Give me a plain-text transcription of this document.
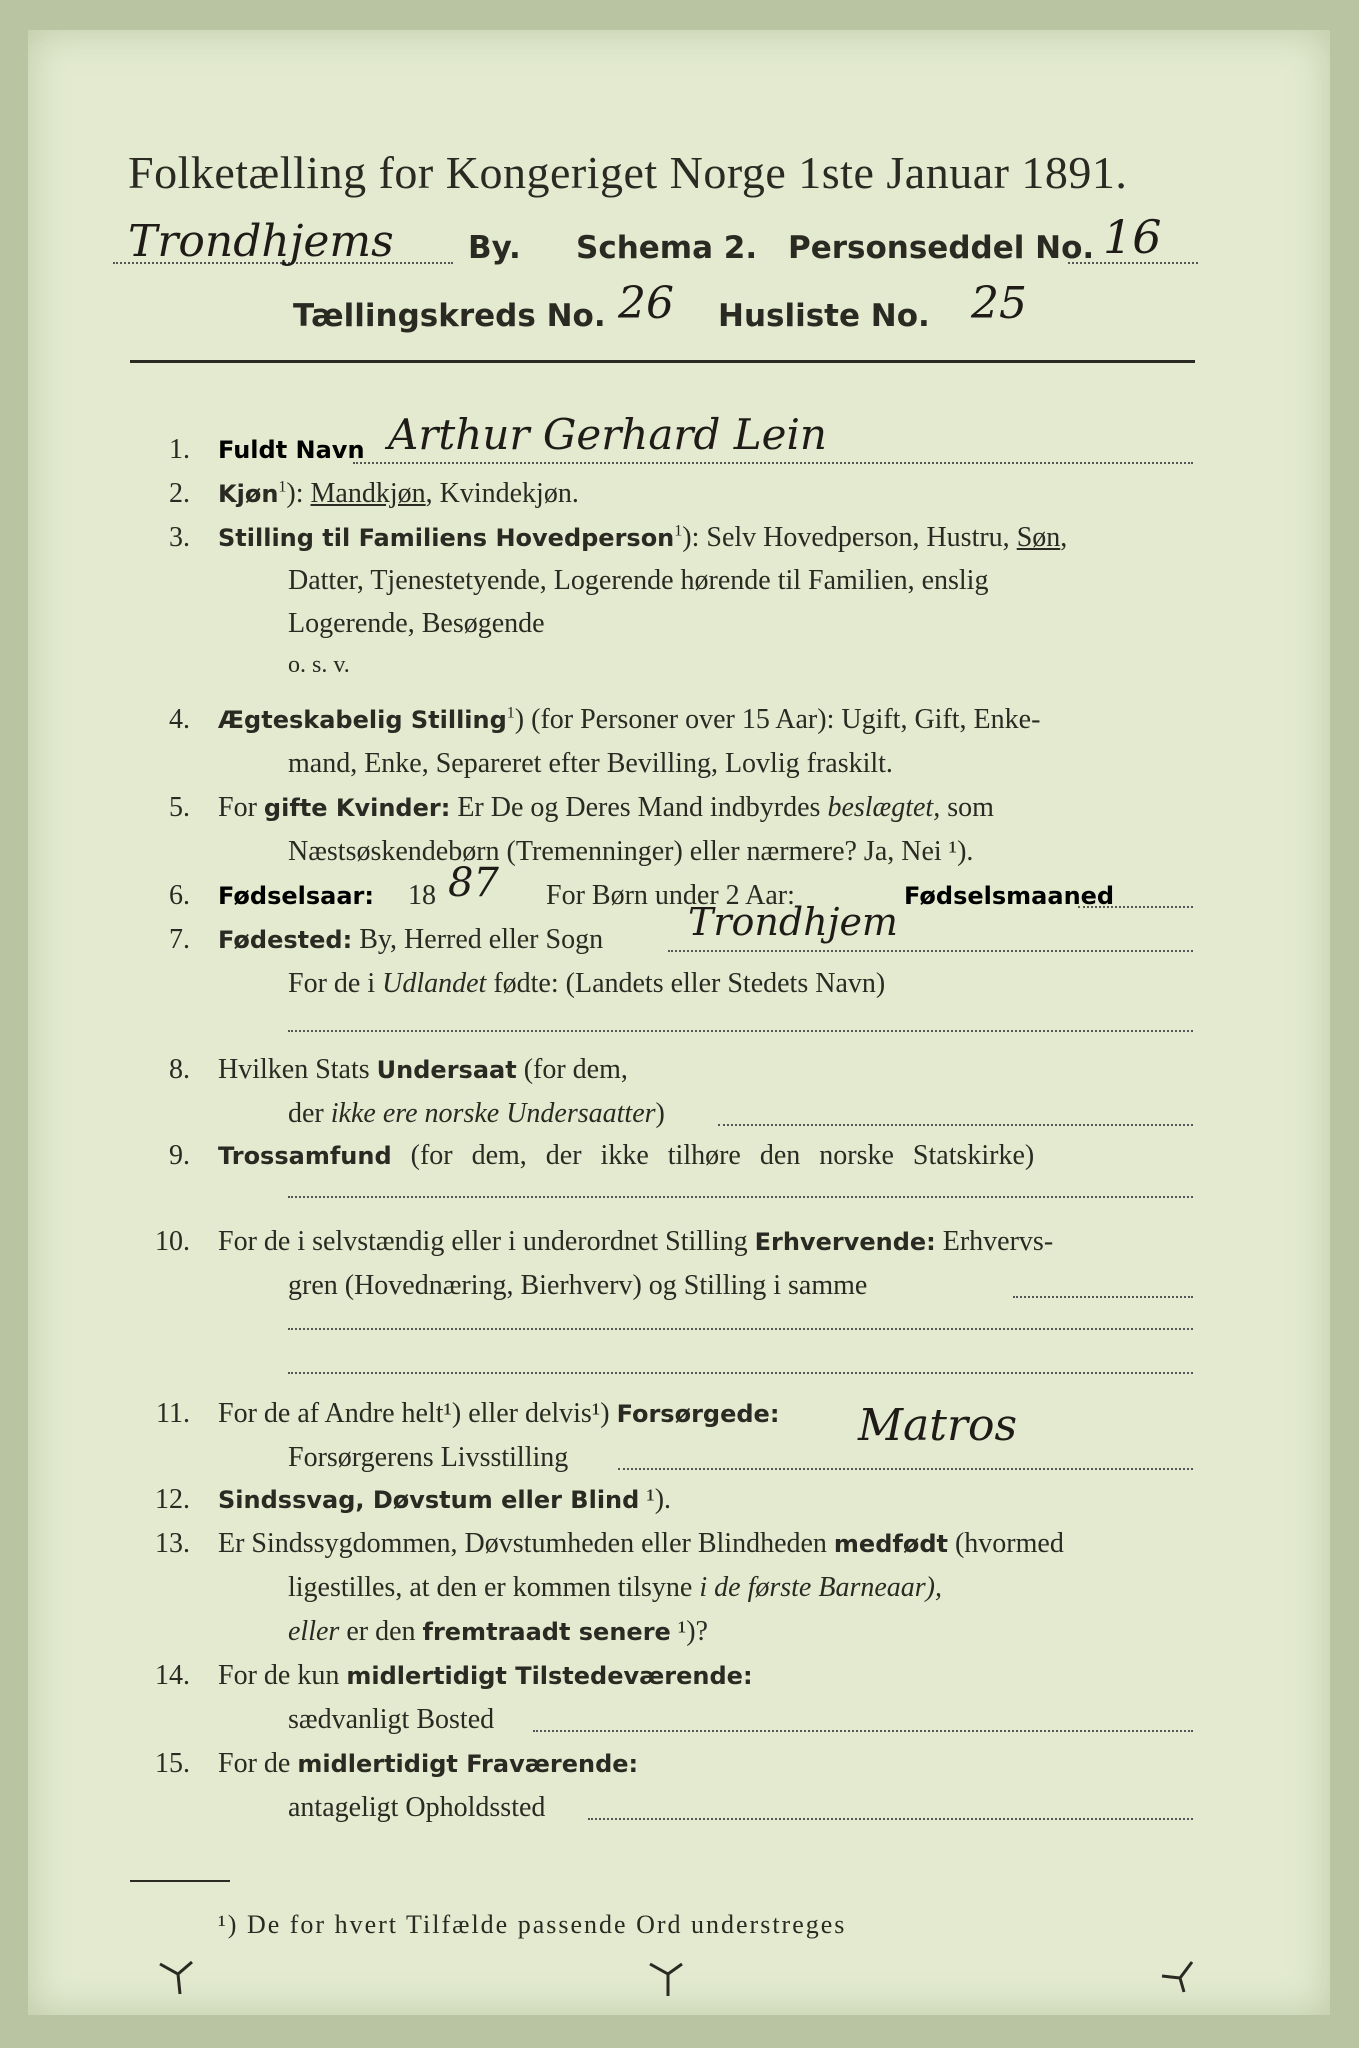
Folketælling for Kongeriget Norge 1ste Januar 1891.
Trondhjems By. Schema 2. Personseddel No. 16
Tællingskreds No. 26 Husliste No. 25
1. Fuldt Navn Arthur Gerhard Lein
2. Kjøn$^1$): Mandkjøn, Kvindekjøn.
3. Stilling til Familiens Hovedperson$^1$): Selv Hovedperson, Hustru, Søn,
Datter, Tjenestetyende, Logerende hørende til Familien, enslig
Logerende, Besøgende
o. s. v.
4. Ægteskabelig Stilling$^1$) (for Personer over 15 Aar): Ugift, Gift, Enke-
mand, Enke, Separeret efter Bevilling, Lovlig fraskilt.
5. For gifte Kvinder: Er De og Deres Mand indbyrdes beslægtet, som
Næstsøskendebørn (Tremenninger) eller nærmere? Ja, Nei ¹).
6. Fødselsaar: 18 87 For Børn under 2 Aar:	Fødselsmaaned
7. Fødested: By, Herred eller Sogn Trondhjem
For de i Udlandet fødte: (Landets eller Stedets Navn)
8. Hvilken Stats Undersaat (for dem,
der ikke ere norske Undersaatter)
9. Trossamfund (for dem, der ikke tilhøre den norske Statskirke)
10. For de i selvstændig eller i underordnet Stilling Erhvervende: Erhvervs-
gren (Hovednæring, Bierhverv) og Stilling i samme
11. For de af Andre helt¹) eller delvis¹) Forsørgede:
Forsørgerens Livsstilling
Matros
12. Sindssvag, Døvstum eller Blind ¹).
13. Er Sindssygdommen, Døvstumheden eller Blindheden medfødt (hvormed
ligestilles, at den er kommen tilsyne i de første Barneaar),
eller er den fremtraadt senere ¹)?
14. For de kun midlertidigt Tilstedeværende:
sædvanligt Bosted
15. For de midlertidigt Fraværende:
antageligt Opholdssted
¹) De for hvert Tilfælde passende Ord understreges
